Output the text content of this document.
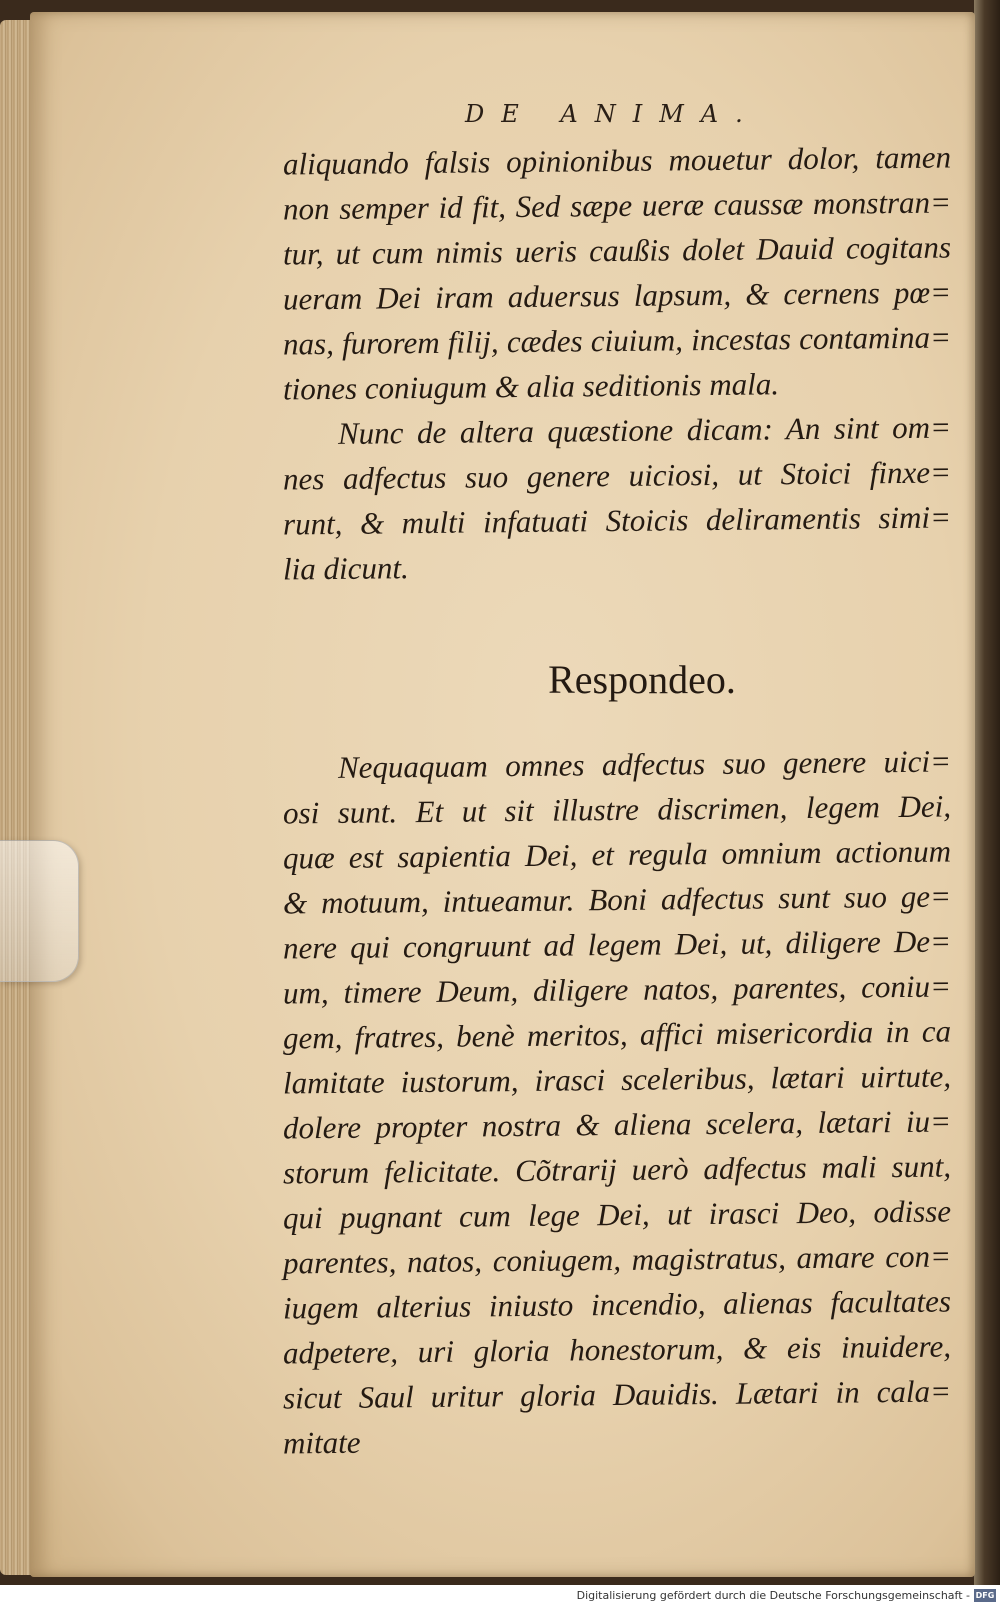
DE ANIMA.
aliquando falsis opinionibus mouetur dolor, tamen
non semper id fit, Sed sæpe ueræ caussæ monstran=
tur, ut cum nimis ueris caußis dolet Dauid cogitans
ueram Dei iram aduersus lapsum, & cernens pœ=
nas, furorem filij, cædes ciuium, incestas contamina=
tiones coniugum & alia seditionis mala.
Nunc de altera quæstione dicam: An sint om=
nes adfectus suo genere uiciosi, ut Stoici finxe=
runt, & multi infatuati Stoicis deliramentis simi=
lia dicunt.
Respondeo.
Nequaquam omnes adfectus suo genere uici=
osi sunt. Et ut sit illustre discrimen, legem Dei,
quæ est sapientia Dei, et regula omnium actionum
& motuum, intueamur. Boni adfectus sunt suo ge=
nere qui congruunt ad legem Dei, ut, diligere De=
um, timere Deum, diligere natos, parentes, coniu=
gem, fratres, benè meritos, affici misericordia in ca
lamitate iustorum, irasci sceleribus, lætari uirtute,
dolere propter nostra & aliena scelera, lætari iu=
storum felicitate. Cõtrarij uerò adfectus mali sunt,
qui pugnant cum lege Dei, ut irasci Deo, odisse
parentes, natos, coniugem, magistratus, amare con=
iugem alterius iniusto incendio, alienas facultates
adpetere, uri gloria honestorum, & eis inuidere,
sicut Saul uritur gloria Dauidis. Lætari in cala=
mitate
Digitalisierung gefördert durch die Deutsche Forschungsgemeinschaft - DFG
